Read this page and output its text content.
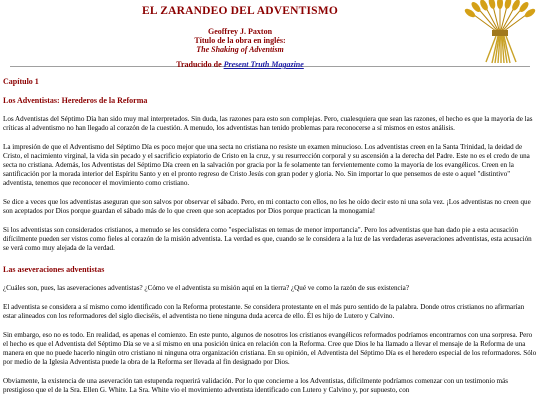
EL ZARANDEO DEL ADVENTISMO
Geoffrey J. Paxton
Título de la obra en inglés:
The Shaking of Adventism
Traducido de Present Truth Magazine
Capítulo 1
Los Adventistas: Herederos de la Reforma

Los Adventistas del Séptimo Día han sido muy mal interpretados. Sin duda, las razones para esto son complejas. Pero, cualesquiera que sean las razones, el hecho es que la mayoría de las críticas al adventismo no han llegado al corazón de la cuestión. A menudo, los adventistas han tenido problemas para reconocerse a sí mismos en estos análisis.

La impresión de que el Adventismo del Séptimo Día es poco mejor que una secta no cristiana no resiste un examen minucioso. Los adventistas creen en la Santa Trinidad, la deidad de Cristo, el nacimiento virginal, la vida sin pecado y el sacrificio expiatorio de Cristo en la cruz, y su resurrección corporal y su ascensión a la derecha del Padre. Este no es el credo de una secta no cristiana. Además, los Adventistas del Séptimo Día creen en la salvación por gracia por la fe solamente tan fervientemente como la mayoría de los evangélicos. Creen en la santificación por la morada interior del Espíritu Santo y en el pronto regreso de Cristo Jesús con gran poder y gloria. No. Sin importar lo que pensemos de este o aquel "distintivo" adventista, tenemos que reconocer el movimiento como cristiano.

Se dice a veces que los adventistas aseguran que son salvos por observar el sábado. Pero, en mi contacto con ellos, no les he oído decir esto ni una sola vez. ¡Los adventistas no creen que son aceptados por Dios porque guardan el sábado más de lo que creen que son aceptados por Dios porque practican la monogamia!

Si los adventistas son considerados cristianos, a menudo se les considera como "especialistas en temas de menor importancia". Pero los adventistas que han dado pie a esta acusación difícilmente pueden ser vistos como fieles al corazón de la misión adventista. La verdad es que, cuando se le considera a la luz de las verdaderas aseveraciones adventistas, esta acusación se verá como muy alejada de la verdad.

Las aseveraciones adventistas

¿Cuáles son, pues, las aseveraciones adventistas? ¿Cómo ve el adventista su misión aquí en la tierra? ¿Qué ve como la razón de sus existencia?

El adventista se considera a sí mismo como identificado con la Reforma protestante. Se considera protestante en el más puro sentido de la palabra. Donde otros cristianos no afirmarían estar alineados con los reformadores del siglo dieciséis, el adventista no tiene ninguna duda acerca de ello. Él es hijo de Lutero y Calvino.

Sin embargo, eso no es todo. En realidad, es apenas el comienzo. En este punto, algunos de nosotros los cristianos evangélicos reformados podríamos encontrarnos con una sorpresa. Pero el hecho es que el Adventista del Séptimo Día se ve a sí mismo en una posición única en relación con la Reforma. Cree que Dios le ha llamado a llevar el mensaje de la Reforma de una manera en que no puede hacerlo ningún otro cristiano ni ninguna otra organización cristiana. En su opinión, el Adventista del Séptimo Día es el heredero especial de los reformadores. Sólo por medio de la Iglesia Adventista puede la obra de la Reforma ser llevada al fin designado por Dios.

Obviamente, la existencia de una aseveración tan estupenda requerirá validación. Por lo que concierne a los Adventistas, difícilmente podríamos comenzar con un testimonio más prestigioso que el de la Sra. Ellen G. White. La Sra. White vio el movimiento adventista identificado con Lutero y Calvino y, por supuesto, con
